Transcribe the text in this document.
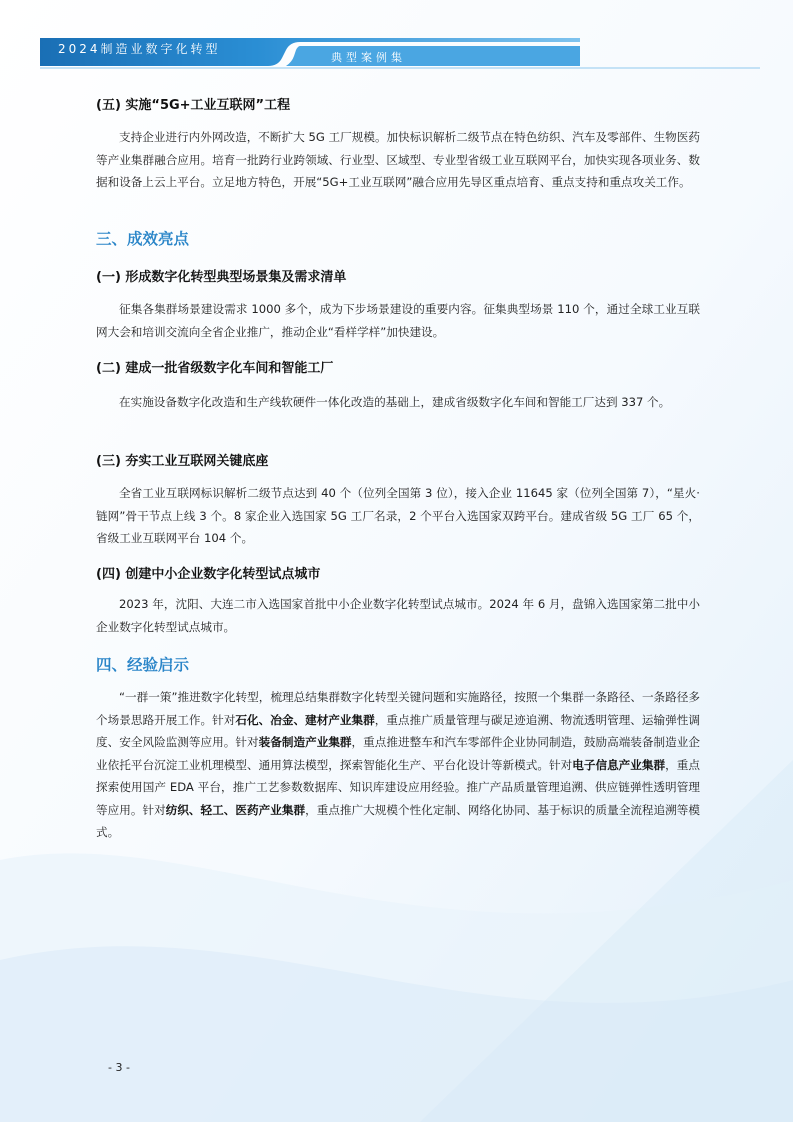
2024制造业数字化转型
典型案例集
(五) 实施“5G+工业互联网”工程

支持企业进行内外网改造，不断扩大 5G 工厂规模。加快标识解析二级节点在特色纺织、汽车及零部件、生物医药等产业集群融合应用。培育一批跨行业跨领域、行业型、区域型、专业型省级工业互联网平台，加快实现各项业务、数据和设备上云上平台。立足地方特色，开展“5G+工业互联网”融合应用先导区重点培育、重点支持和重点攻关工作。

三、成效亮点
(一) 形成数字化转型典型场景集及需求清单

征集各集群场景建设需求 1000 多个，成为下步场景建设的重要内容。征集典型场景 110 个，通过全球工业互联网大会和培训交流向全省企业推广，推动企业“看样学样”加快建设。

(二) 建成一批省级数字化车间和智能工厂

在实施设备数字化改造和生产线软硬件一体化改造的基础上，建成省级数字化车间和智能工厂达到 337 个。

(三) 夯实工业互联网关键底座

全省工业互联网标识解析二级节点达到 40 个（位列全国第 3 位），接入企业 11645 家（位列全国第 7），“星火·链网”骨干节点上线 3 个。8 家企业入选国家 5G 工厂名录，2 个平台入选国家双跨平台。建成省级 5G 工厂 65 个，省级工业互联网平台 104 个。

(四) 创建中小企业数字化转型试点城市

2023 年，沈阳、大连二市入选国家首批中小企业数字化转型试点城市。2024 年 6 月，盘锦入选国家第二批中小企业数字化转型试点城市。

四、经验启示

“一群一策”推进数字化转型，梳理总结集群数字化转型关键问题和实施路径，按照一个集群一条路径、一条路径多个场景思路开展工作。针对石化、冶金、建材产业集群，重点推广质量管理与碳足迹追溯、物流透明管理、运输弹性调度、安全风险监测等应用。针对装备制造产业集群，重点推进整车和汽车零部件企业协同制造，鼓励高端装备制造业企业依托平台沉淀工业机理模型、通用算法模型，探索智能化生产、平台化设计等新模式。针对电子信息产业集群，重点探索使用国产 EDA 平台，推广工艺参数数据库、知识库建设应用经验。推广产品质量管理追溯、供应链弹性透明管理等应用。针对纺织、轻工、医药产业集群，重点推广大规模个性化定制、网络化协同、基于标识的质量全流程追溯等模式。

- 3 -
